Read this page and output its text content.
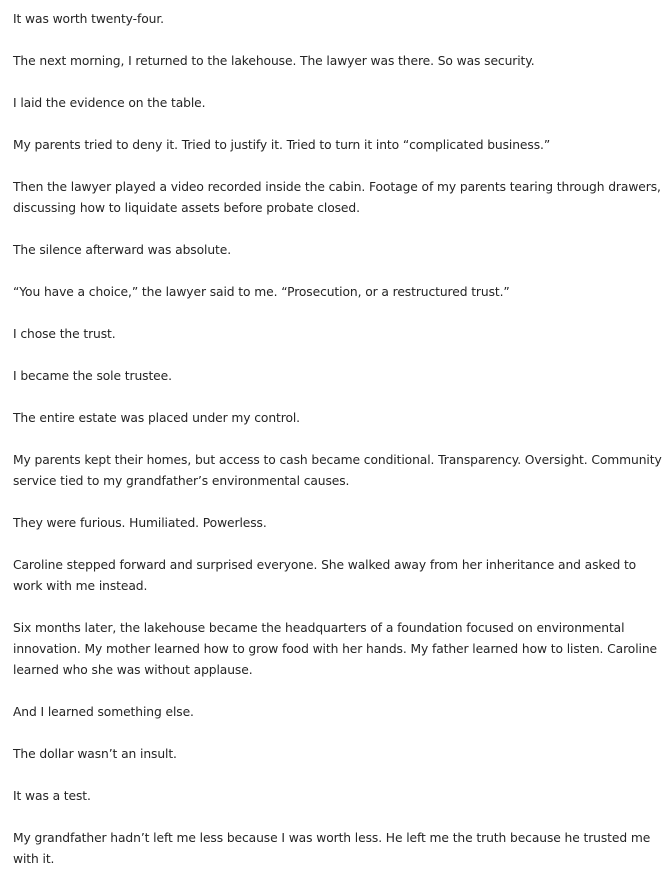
It was worth twenty-four.

The next morning, I returned to the lakehouse. The lawyer was there. So was security.

I laid the evidence on the table.

My parents tried to deny it. Tried to justify it. Tried to turn it into “complicated business.”

Then the lawyer played a video recorded inside the cabin. Footage of my parents tearing through drawers, discussing how to liquidate assets before probate closed.

The silence afterward was absolute.

“You have a choice,” the lawyer said to me. “Prosecution, or a restructured trust.”

I chose the trust.

I became the sole trustee.

The entire estate was placed under my control.

My parents kept their homes, but access to cash became conditional. Transparency. Oversight. Community service tied to my grandfather’s environmental causes.

They were furious. Humiliated. Powerless.

Caroline stepped forward and surprised everyone. She walked away from her inheritance and asked to work with me instead.

Six months later, the lakehouse became the headquarters of a foundation focused on environmental innovation. My mother learned how to grow food with her hands. My father learned how to listen. Caroline learned who she was without applause.

And I learned something else.

The dollar wasn’t an insult.

It was a test.

My grandfather hadn’t left me less because I was worth less. He left me the truth because he trusted me with it.
